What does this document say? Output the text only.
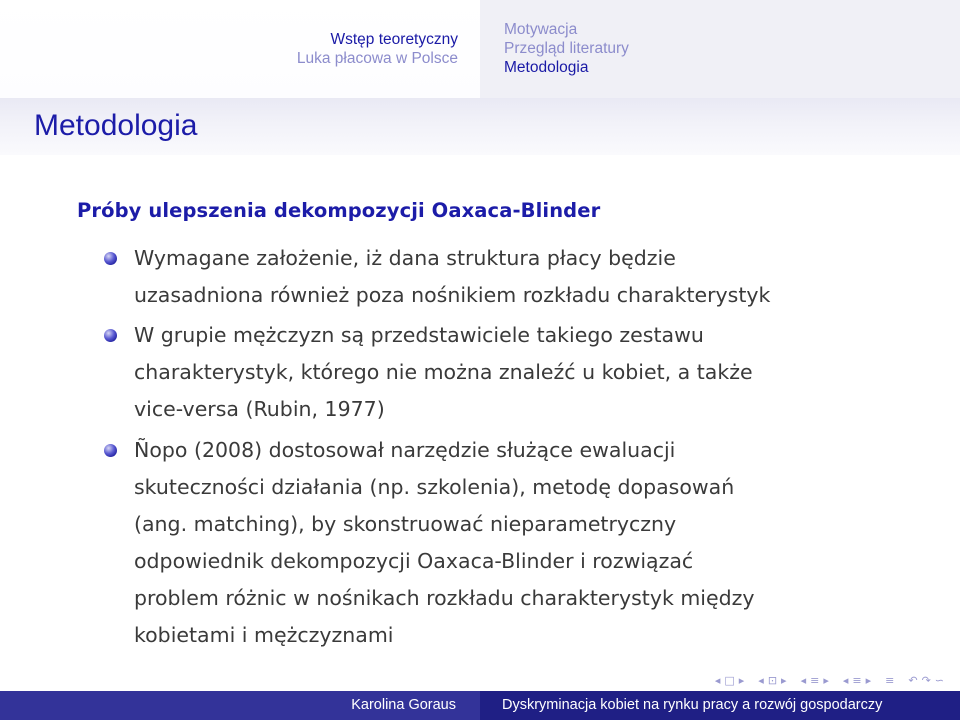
Wstęp teoretyczny
Luka płacowa w Polsce
Motywacja
Przegląd literatury
Metodologia
Metodologia
Próby ulepszenia dekompozycji Oaxaca-Blinder
Wymagane założenie, iż dana struktura płacy będzie
uzasadniona również poza nośnikiem rozkładu charakterystyk
W grupie mężczyzn są przedstawiciele takiego zestawu
charakterystyk, którego nie można znaleźć u kobiet, a także
vice-versa (Rubin, 1977)
Ñopo (2008) dostosował narzędzie służące ewaluacji
skuteczności działania (np. szkolenia), metodę dopasowań
(ang. matching), by skonstruować nieparametryczny
odpowiednik dekompozycji Oaxaca-Blinder i rozwiązać
problem różnic w nośnikach rozkładu charakterystyk między
kobietami i mężczyznami
◂ □ ▸ ◂ ⊡ ▸ ◂ ≡ ▸ ◂ ≡ ▸ ≡ ↶ ↷ ∽
Karolina Goraus	Dyskryminacja kobiet na rynku pracy a rozwój gospodarczy
